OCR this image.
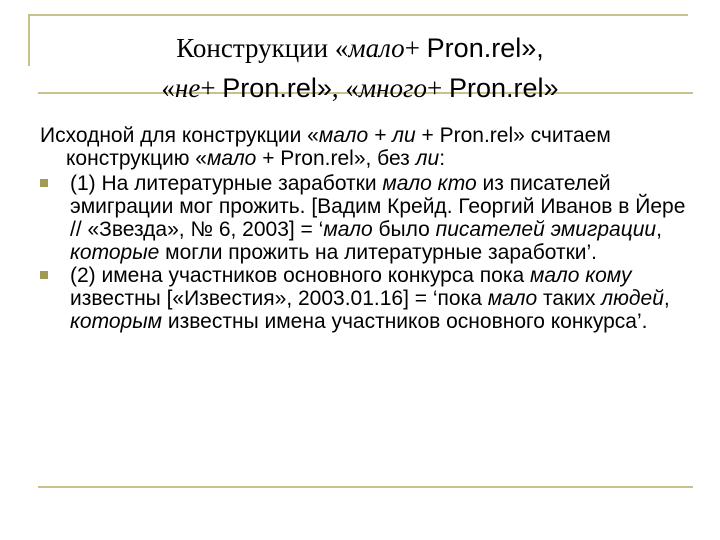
Конструкции «мало+ Pron.rel»,
«не+ Pron.rel», «много+ Pron.rel»

Исходной для конструкции «мало + ли + Pron.rel» считаем конструкцию «мало + Pron.rel», без ли:

(1) На литературные заработки мало кто из писателей эмиграции мог прожить. [Вадим Крейд. Георгий Иванов в Йере // «Звезда», № 6, 2003] = ‘мало было писателей эмиграции, которые могли прожить на литературные заработки’.
(2) имена участников основного конкурса пока мало кому известны [«Известия», 2003.01.16] = ‘пока мало таких людей, которым известны имена участников основного конкурса’.
